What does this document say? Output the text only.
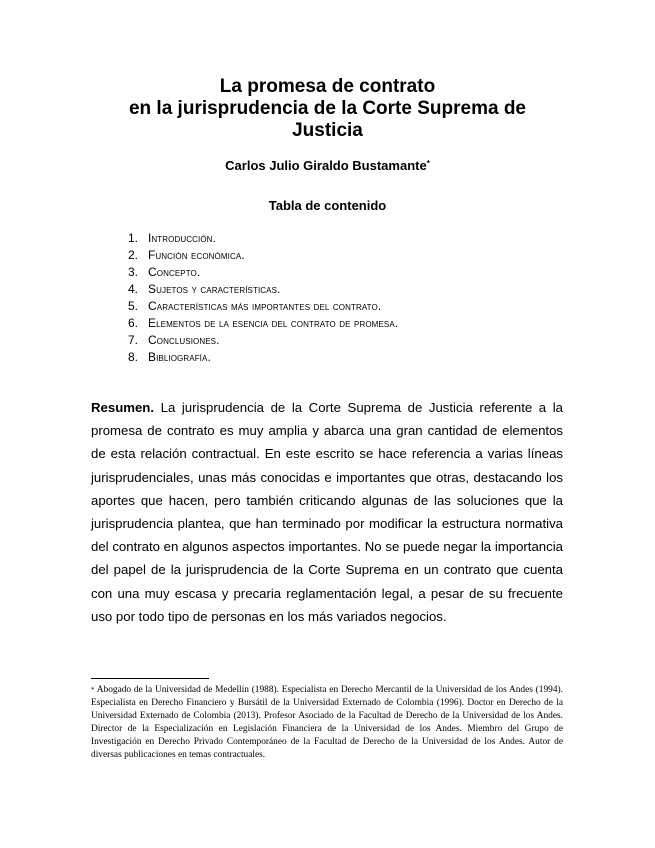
La promesa de contrato
en la jurisprudencia de la Corte Suprema de
Justicia
Carlos Julio Giraldo Bustamante*
Tabla de contenido
1. Introducción.
2. Función económica.
3. Concepto.
4. Sujetos y características.
5. Características más importantes del contrato.
6. Elementos de la esencia del contrato de promesa.
7. Conclusiones.
8. Bibliografía.

Resumen. La jurisprudencia de la Corte Suprema de Justicia referente a la promesa de contrato es muy amplia y abarca una gran cantidad de elementos de esta relación contractual. En este escrito se hace referencia a varias líneas jurisprudenciales, unas más conocidas e importantes que otras, destacando los aportes que hacen, pero también criticando algunas de las soluciones que la jurisprudencia plantea, que han terminado por modificar la estructura normativa del contrato en algunos aspectos importantes. No se puede negar la importancia del papel de la jurisprudencia de la Corte Suprema en un contrato que cuenta con una muy escasa y precaria reglamentación legal, a pesar de su frecuente uso por todo tipo de personas en los más variados negocios.

* Abogado de la Universidad de Medellín (1988). Especialista en Derecho Mercantil de la Universidad de los Andes (1994). Especialista en Derecho Financiero y Bursátil de la Universidad Externado de Colombia (1996). Doctor en Derecho de la Universidad Externado de Colombia (2013). Profesor Asociado de la Facultad de Derecho de la Universidad de los Andes. Director de la Especialización en Legislación Financiera de la Universidad de los Andes. Miembro del Grupo de Investigación en Derecho Privado Contemporáneo de la Facultad de Derecho de la Universidad de los Andes. Autor de diversas publicaciones en temas contractuales.
